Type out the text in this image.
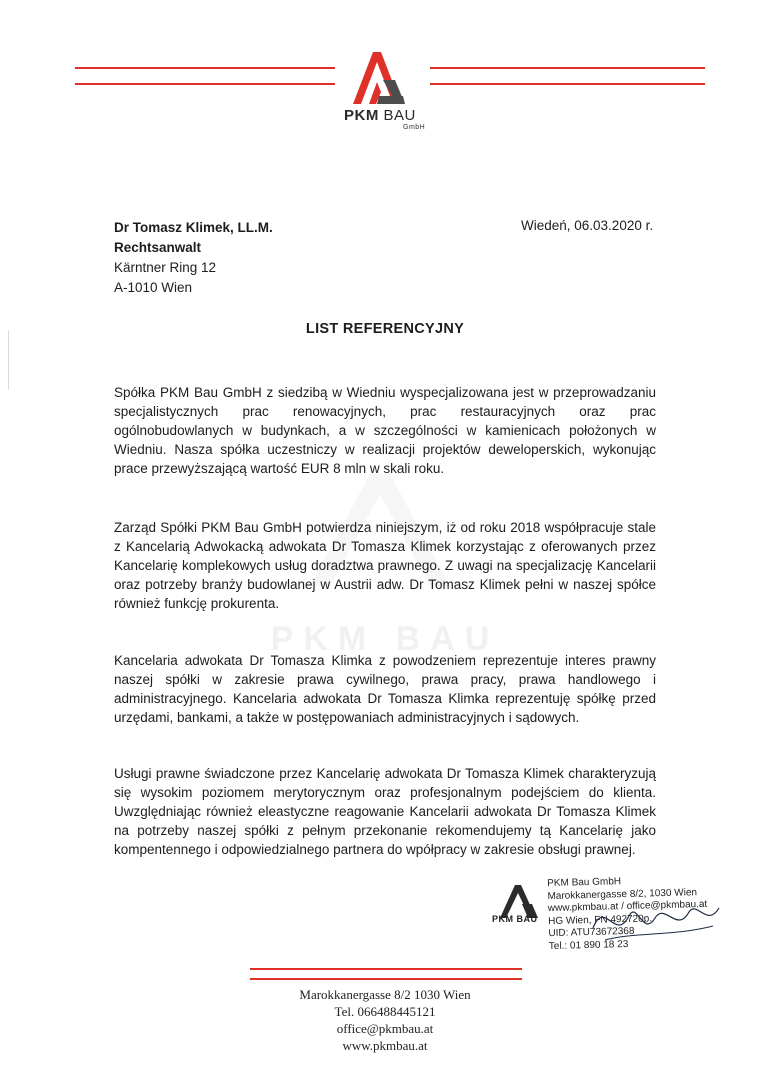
PKM BAU
GmbH
Dr Tomasz Klimek, LL.M.
Rechtsanwalt
Kärntner Ring 12
A-1010 Wien
Wiedeń, 06.03.2020 r.
LIST REFERENCYJNY
PKM BAU

Spółka PKM Bau GmbH z siedzibą w Wiedniu wyspecjalizowana jest w przeprowadzaniu specjalistycznych prac renowacyjnych, prac restauracyjnych oraz prac ogólnobudowlanych w budynkach, a w szczególności w kamienicach położonych w Wiedniu. Nasza spółka uczestniczy w realizacji projektów deweloperskich, wykonując prace przewyższającą wartość EUR 8 mln w skali roku.

Zarząd Spółki PKM Bau GmbH potwierdza niniejszym, iż od roku 2018 współpracuje stale z Kancelarią Adwokacką adwokata Dr Tomasza Klimek korzystając z oferowanych przez Kancelarię komplekowych usług doradztwa prawnego. Z uwagi na specjalizację Kancelarii oraz potrzeby branży budowlanej w Austrii adw. Dr Tomasz Klimek pełni w naszej spółce również funkcję prokurenta.

Kancelaria adwokata Dr Tomasza Klimka z powodzeniem reprezentuje interes prawny naszej spółki w zakresie prawa cywilnego, prawa pracy, prawa handlowego i administracyjnego. Kancelaria adwokata Dr Tomasza Klimka reprezentuję spółkę przed urzędami, bankami, a także w postępowaniach administracyjnych i sądowych.

Usługi prawne świadczone przez Kancelarię adwokata Dr Tomasza Klimek charakteryzują się wysokim poziomem merytorycznym oraz profesjonalnym podejściem do klienta. Uwzględniając również eleastyczne reagowanie Kancelarii adwokata Dr Tomasza Klimek na potrzeby naszej spółki z pełnym przekonanie rekomendujemy tą Kancelarię jako kompentennego i odpowiedzialnego partnera do wpółpracy w zakresie obsługi prawnej.

PKM BAU
PKM Bau GmbH
Marokkanergasse 8/2, 1030 Wien
www.pkmbau.at / office@pkmbau.at
HG Wien, FN 492720p.
UID: ATU73672368
Tel.: 01 890 18 23
Marokkanergasse 8/2 1030 Wien
Tel. 066488445121
office@pkmbau.at
www.pkmbau.at
